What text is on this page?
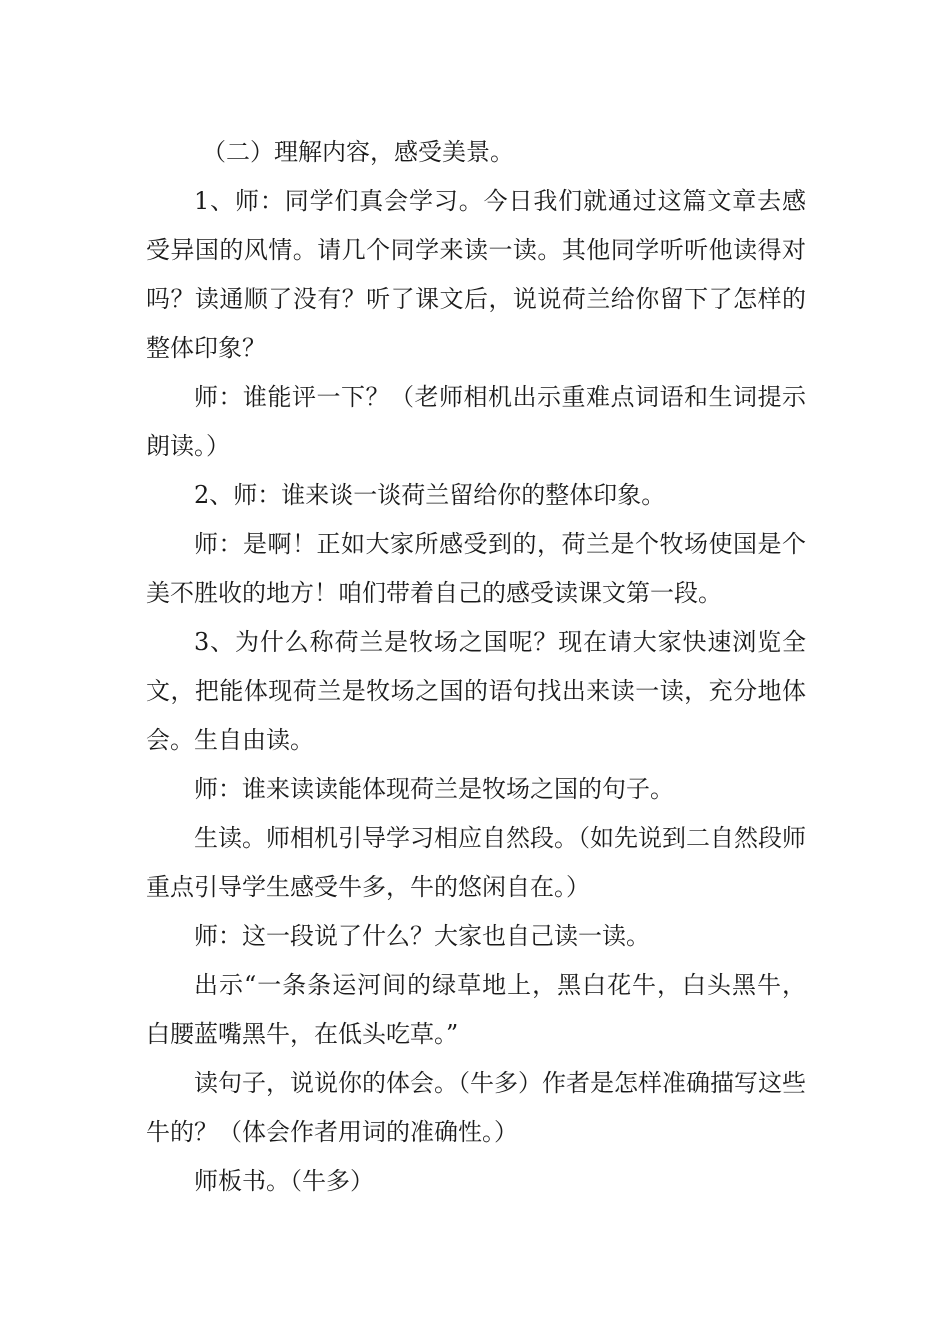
（二）理解内容，感受美景。

1、师：同学们真会学习。今日我们就通过这篇文章去感受异国的风情。请几个同学来读一读。其他同学听听他读得对吗？读通顺了没有？听了课文后，说说荷兰给你留下了怎样的整体印象？

师：谁能评一下？（老师相机出示重难点词语和生词提示朗读。）

2、师：谁来谈一谈荷兰留给你的整体印象。

师：是啊！正如大家所感受到的，荷兰是个牧场使国是个美不胜收的地方！咱们带着自己的感受读课文第一段。

3、为什么称荷兰是牧场之国呢？现在请大家快速浏览全文，把能体现荷兰是牧场之国的语句找出来读一读，充分地体会。生自由读。

师：谁来读读能体现荷兰是牧场之国的句子。

生读。师相机引导学习相应自然段。（如先说到二自然段师重点引导学生感受牛多，牛的悠闲自在。）

师：这一段说了什么？大家也自己读一读。

出示“一条条运河间的绿草地上，黑白花牛，白头黑牛，白腰蓝嘴黑牛，在低头吃草。”

读句子，说说你的体会。（牛多）作者是怎样准确描写这些牛的？（体会作者用词的准确性。）

师板书。（牛多）
